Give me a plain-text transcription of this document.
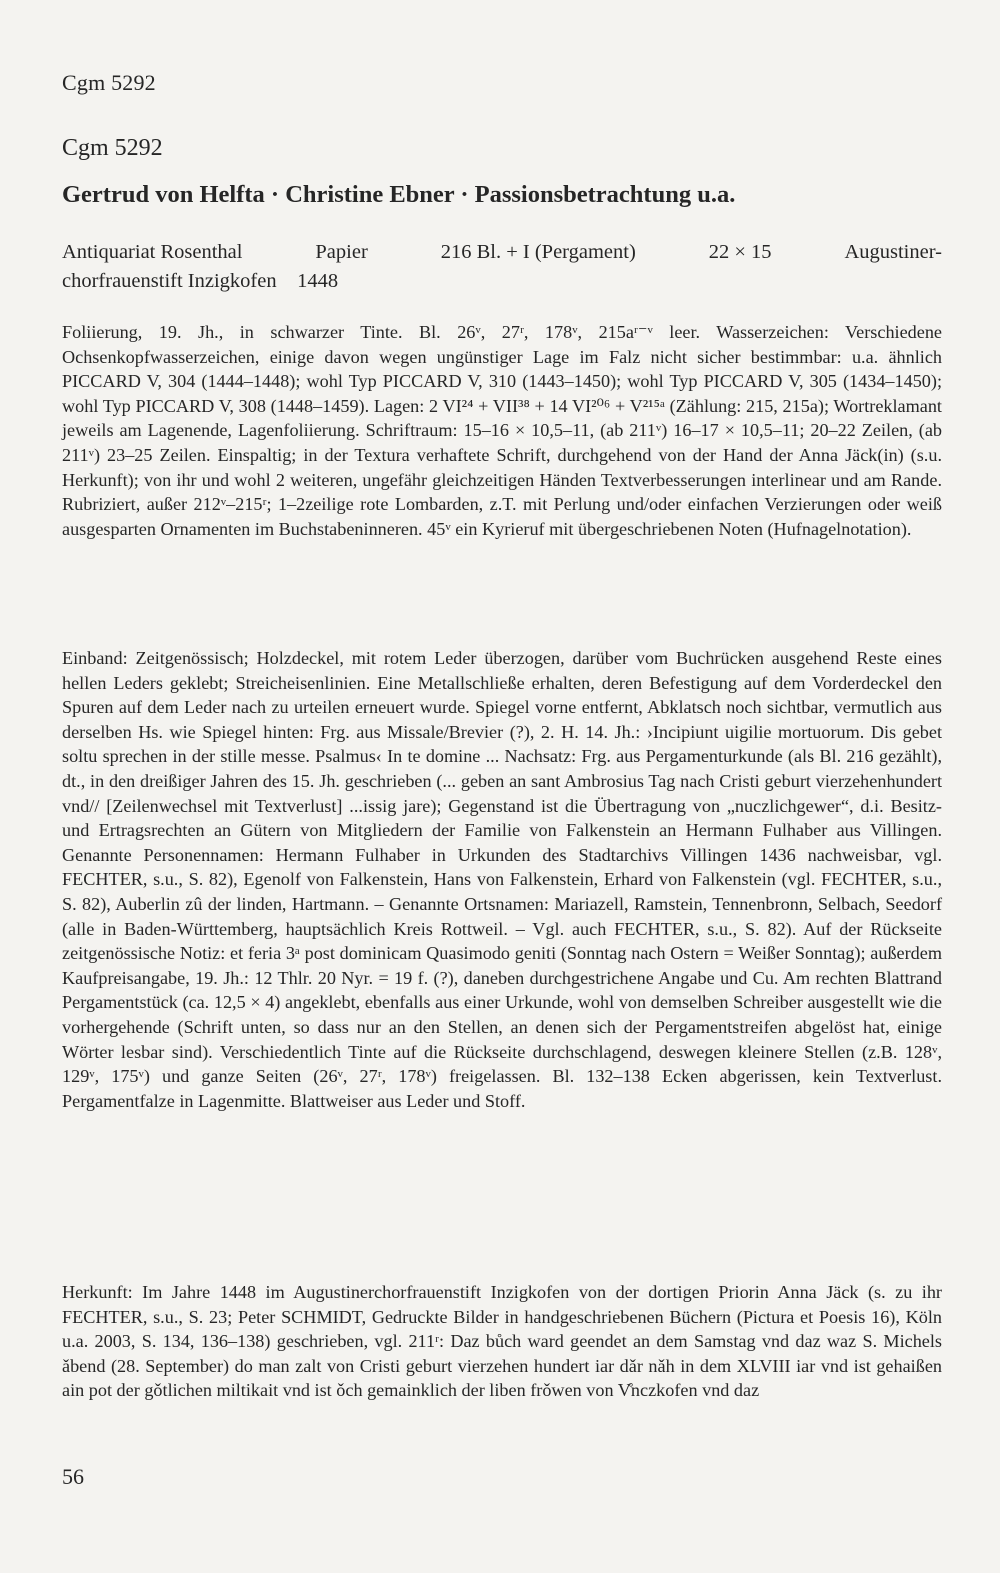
Cgm 5292
Cgm 5292
Gertrud von Helfta · Christine Ebner · Passionsbetrachtung u.a.
Antiquariat Rosenthal	Papier	216 Bl. + I (Pergament)	22 × 15	Augustiner-
chorfrauenstift Inzigkofen    1448

Foliierung, 19. Jh., in schwarzer Tinte. Bl. 26ᵛ, 27ʳ, 178ᵛ, 215aʳ⁻ᵛ leer. Wasserzeichen: Verschiedene Ochsenkopfwasserzeichen, einige davon wegen ungünstiger Lage im Falz nicht sicher bestimmbar: u.a. ähnlich PICCARD V, 304 (1444–1448); wohl Typ PICCARD V, 310 (1443–1450); wohl Typ PICCARD V, 305 (1434–1450); wohl Typ PICCARD V, 308 (1448–1459). Lagen: 2 VI²⁴ + VII³⁸ + 14 VI²⁰⁶ + V²¹⁵ᵃ (Zählung: 215, 215a); Wortreklamant jeweils am Lagenende, Lagenfoliierung. Schriftraum: 15–16 × 10,5–11, (ab 211ᵛ) 16–17 × 10,5–11; 20–22 Zeilen, (ab 211ᵛ) 23–25 Zeilen. Einspaltig; in der Textura verhaftete Schrift, durchgehend von der Hand der Anna Jäck(in) (s.u. Herkunft); von ihr und wohl 2 weiteren, ungefähr gleichzeitigen Händen Textverbesserungen interlinear und am Rande. Rubriziert, außer 212ᵛ–215ʳ; 1–2zeilige rote Lombarden, z.T. mit Perlung und/oder einfachen Verzierungen oder weiß ausgesparten Ornamenten im Buchstabeninneren. 45ᵛ ein Kyrieruf mit übergeschriebenen Noten (Hufnagelnotation).

Einband: Zeitgenössisch; Holzdeckel, mit rotem Leder überzogen, darüber vom Buchrücken ausgehend Reste eines hellen Leders geklebt; Streicheisenlinien. Eine Metallschließe erhalten, deren Befestigung auf dem Vorderdeckel den Spuren auf dem Leder nach zu urteilen erneuert wurde. Spiegel vorne entfernt, Abklatsch noch sichtbar, vermutlich aus derselben Hs. wie Spiegel hinten: Frg. aus Missale/Brevier (?), 2. H. 14. Jh.: ›Incipiunt uigilie mortuorum. Dis gebet soltu sprechen in der stille messe. Psalmus‹ In te domine ... Nachsatz: Frg. aus Pergamenturkunde (als Bl. 216 gezählt), dt., in den dreißiger Jahren des 15. Jh. geschrieben (... geben an sant Ambrosius Tag nach Cristi geburt vierzehenhundert vnd// [Zeilenwechsel mit Textverlust] ...issig jare); Gegenstand ist die Übertragung von „nuczlichgewer“, d.i. Besitz- und Ertragsrechten an Gütern von Mitgliedern der Familie von Falkenstein an Hermann Fulhaber aus Villingen. Genannte Personennamen: Hermann Fulhaber in Urkunden des Stadtarchivs Villingen 1436 nachweisbar, vgl. FECHTER, s.u., S. 82), Egenolf von Falkenstein, Hans von Falkenstein, Erhard von Falkenstein (vgl. FECHTER, s.u., S. 82), Auberlin zû der linden, Hartmann. – Genannte Ortsnamen: Mariazell, Ramstein, Tennenbronn, Selbach, Seedorf (alle in Baden-Württemberg, hauptsächlich Kreis Rottweil. – Vgl. auch FECHTER, s.u., S. 82). Auf der Rückseite zeitgenössische Notiz: et feria 3ᵃ post dominicam Quasimodo geniti (Sonntag nach Ostern = Weißer Sonntag); außerdem Kaufpreisangabe, 19. Jh.: 12 Thlr. 20 Nyr. = 19 f. (?), daneben durchgestrichene Angabe und Cu. Am rechten Blattrand Pergamentstück (ca. 12,5 × 4) angeklebt, ebenfalls aus einer Urkunde, wohl von demselben Schreiber ausgestellt wie die vorhergehende (Schrift unten, so dass nur an den Stellen, an denen sich der Pergamentstreifen abgelöst hat, einige Wörter lesbar sind). Verschiedentlich Tinte auf die Rückseite durchschlagend, deswegen kleinere Stellen (z.B. 128ᵛ, 129ᵛ, 175ᵛ) und ganze Seiten (26ᵛ, 27ʳ, 178ᵛ) freigelassen. Bl. 132–138 Ecken abgerissen, kein Textverlust. Pergamentfalze in Lagenmitte. Blattweiser aus Leder und Stoff.

Herkunft: Im Jahre 1448 im Augustinerchorfrauenstift Inzigkofen von der dortigen Priorin Anna Jäck (s. zu ihr FECHTER, s.u., S. 23; Peter SCHMIDT, Gedruckte Bilder in handgeschriebenen Büchern (Pictura et Poesis 16), Köln u.a. 2003, S. 134, 136–138) geschrieben, vgl. 211ʳ: Daz bůch ward geendet an dem Samstag vnd daz waz S. Michels ǎbend (28. September) do man zalt von Cristi geburt vierzehen hundert iar dǎr nǎh in dem XLVIII iar vnd ist gehaißen ain pot der gǒtlichen miltikait vnd ist ǒch gemainklich der liben frǒwen von V̊nczkofen vnd daz

56
